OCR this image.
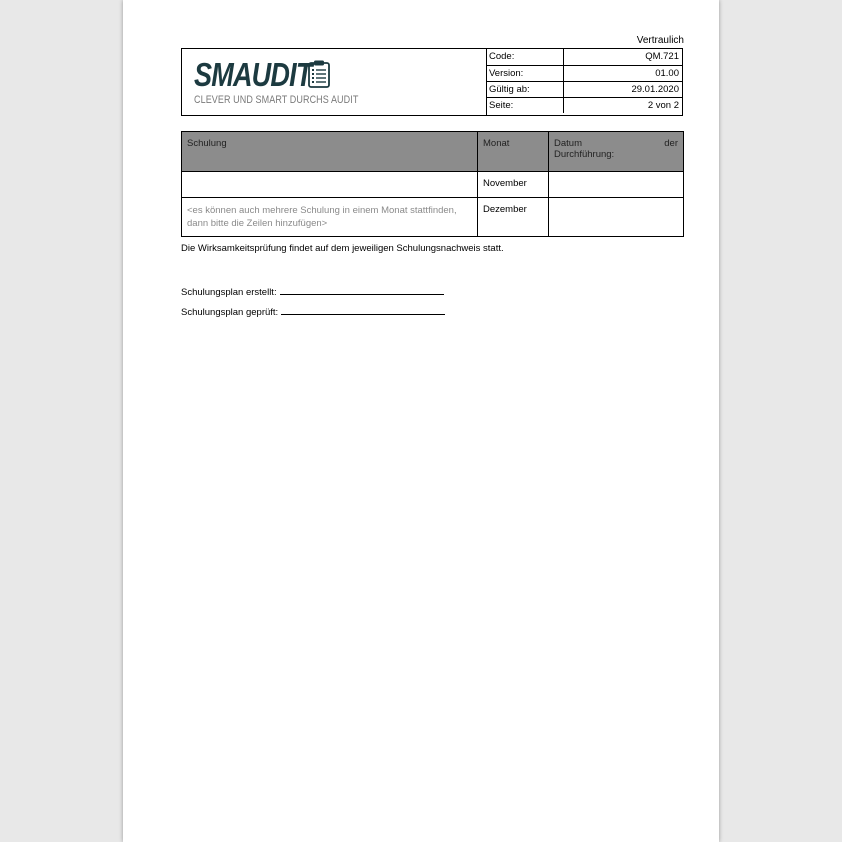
Vertraulich
SMAUDIT
CLEVER UND SMART DURCHS AUDIT
Code:	QM.721
Version:	01.00
Gültig ab:	29.01.2020
Seite:	2 von 2
Schulung	Monat	Datum der Durchführung:
	November	
<es können auch mehrere Schulung in einem Monat stattfinden, dann bitte die Zeilen hinzufügen>	Dezember	
Die Wirksamkeitsprüfung findet auf dem jeweiligen Schulungsnachweis statt.
Schulungsplan erstellt:
Schulungsplan geprüft:
